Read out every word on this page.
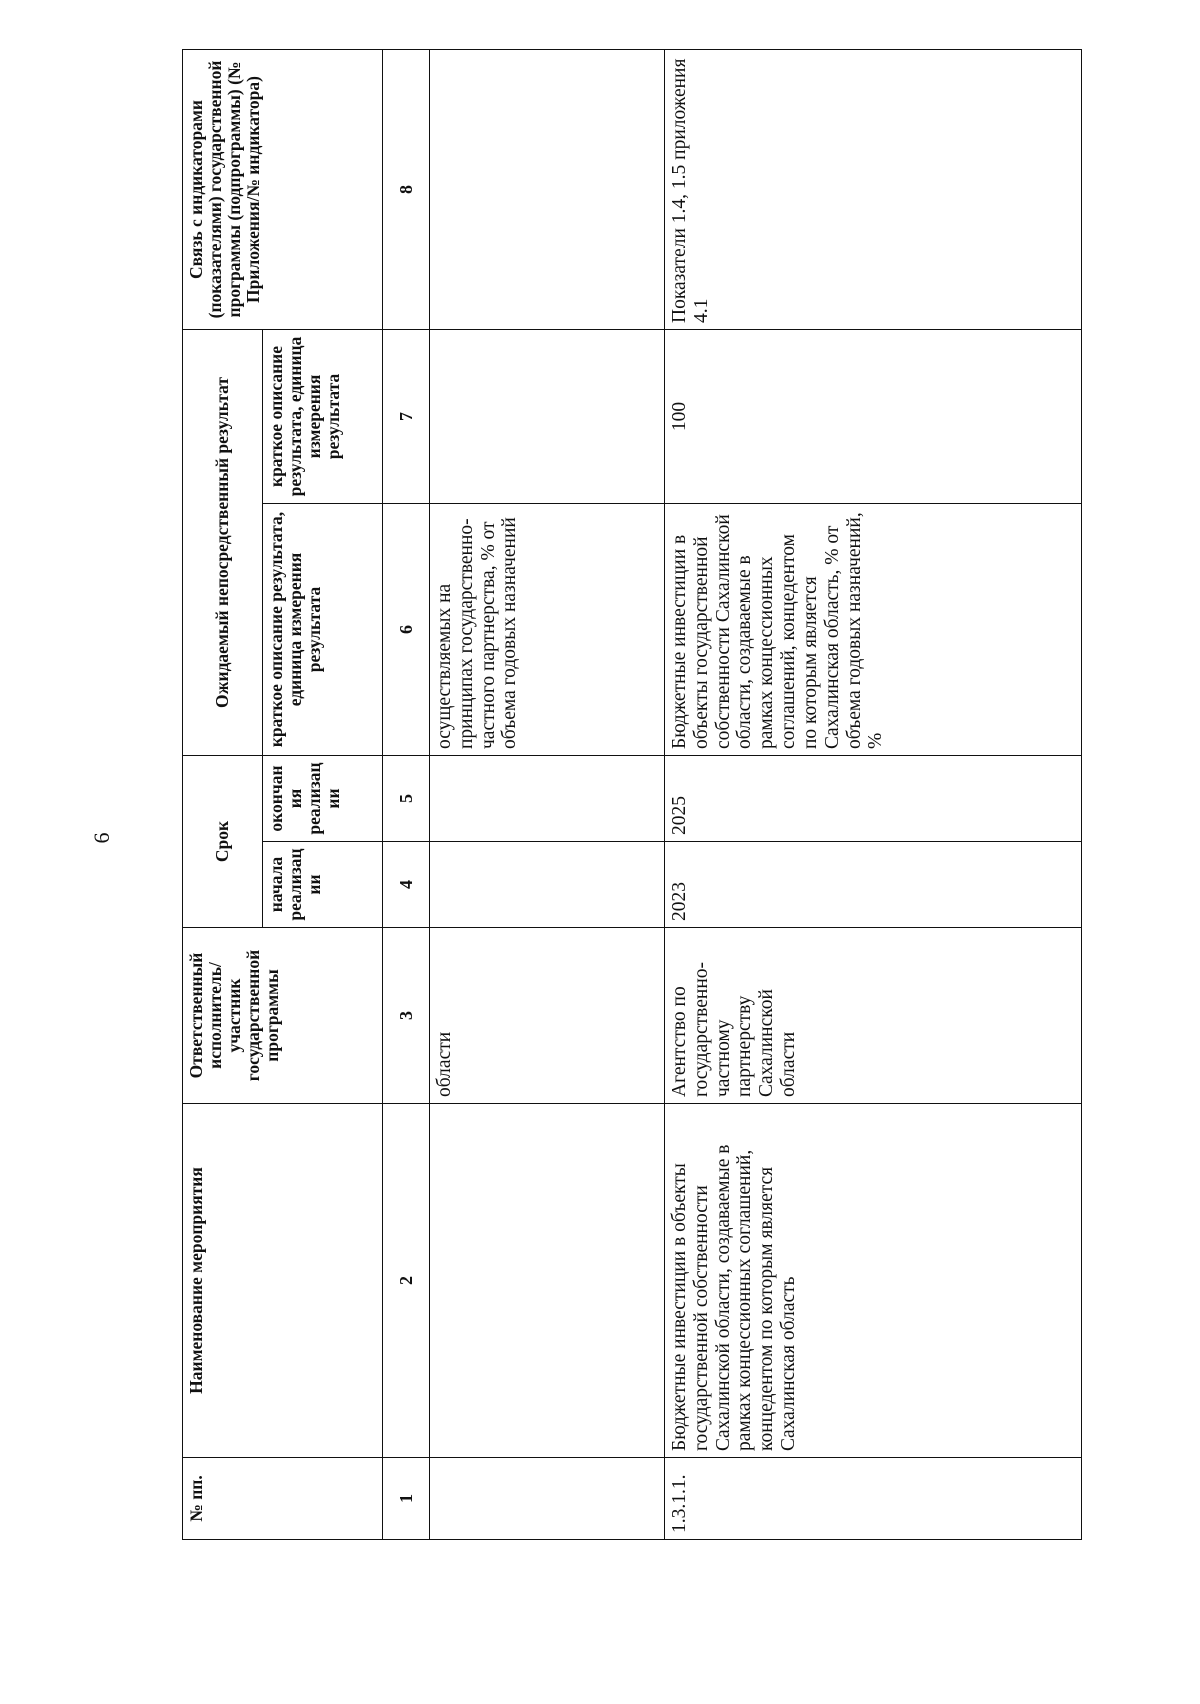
6
№ пп.	Наименование мероприятия	Ответственный исполнитель/участник государственной программы	Срок		Ожидаемый непосредственный результат		Связь с индикаторами (показателями) государственной программы (подпрограммы) (№ Приложения/№ индикатора)
			начала реализации	окончания реализации	краткое описание результата, единица измерения результата	краткое описание результата, единица измерения результата	
1	2	3	4	5	6	7	8
		области			осуществляемых на принципах государственно-частного партнерства, % от объема годовых назначений		
1.3.1.1.	Бюджетные инвестиции в объекты государственной собственности Сахалинской области, создаваемые в рамках концессионных соглашений, концедентом по которым является Сахалинская область	Агентство по государственно-частному партнерству Сахалинской области	2023	2025	Бюджетные инвестиции в объекты государственной собственности Сахалинской области, создаваемые в рамках концессионных соглашений, концедентом по которым является Сахалинская область, % от объема годовых назначений, %	100	Показатели 1.4, 1.5 приложения 4.1
